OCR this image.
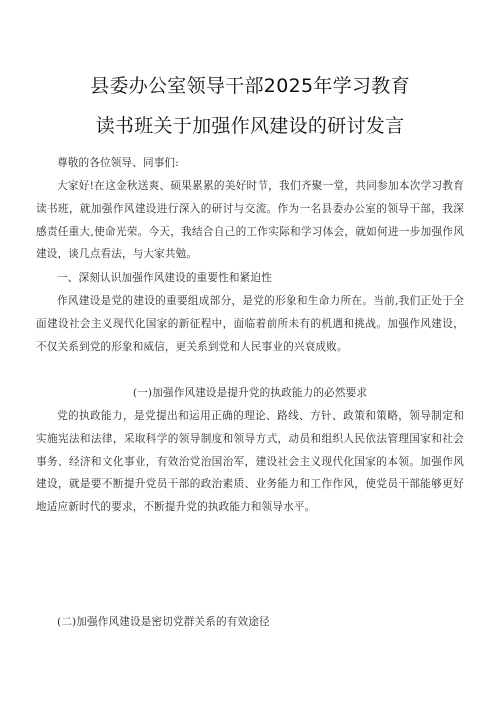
县委办公室领导干部2025年学习教育
读书班关于加强作风建设的研讨发言
尊敬的各位领导、同事们:
大家好!在这金秋送爽、硕果累累的美好时节，我们齐聚一堂，共同参加本次学习教育读书班，就加强作风建设进行深入的研讨与交流。作为一名县委办公室的领导干部，我深感责任重大,使命光荣。今天，我结合自己的工作实际和学习体会，就如何进一步加强作风建设，谈几点看法，与大家共勉。
一、深刻认识加强作风建设的重要性和紧迫性
作风建设是党的建设的重要组成部分，是党的形象和生命力所在。当前,我们正处于全面建设社会主义现代化国家的新征程中，面临着前所未有的机遇和挑战。加强作风建设，不仅关系到党的形象和威信，更关系到党和人民事业的兴衰成败。
(一)加强作风建设是提升党的执政能力的必然要求
党的执政能力，是党提出和运用正确的理论、路线、方针、政策和策略，领导制定和实施宪法和法律，采取科学的领导制度和领导方式，动员和组织人民依法管理国家和社会事务、经济和文化事业，有效治党治国治军，建设社会主义现代化国家的本领。加强作风建设，就是要不断提升党员干部的政治素质、业务能力和工作作风，使党员干部能够更好地适应新时代的要求，不断提升党的执政能力和领导水平。
(二)加强作风建设是密切党群关系的有效途径
